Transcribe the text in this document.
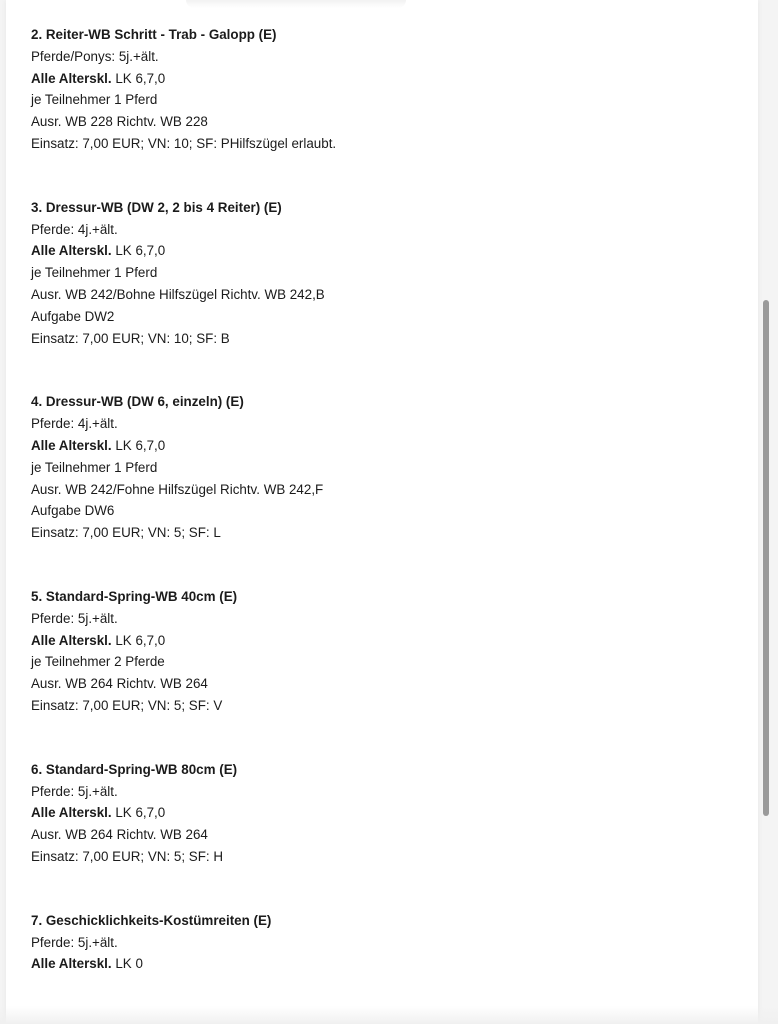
2. Reiter-WB Schritt - Trab - Galopp (E)
Pferde/Ponys: 5j.+ält.
Alle Alterskl. LK 6,7,0
je Teilnehmer 1 Pferd
Ausr. WB 228 Richtv. WB 228
Einsatz: 7,00 EUR; VN: 10; SF: PHilfszügel erlaubt.
3. Dressur-WB (DW 2, 2 bis 4 Reiter) (E)
Pferde: 4j.+ält.
Alle Alterskl. LK 6,7,0
je Teilnehmer 1 Pferd
Ausr. WB 242/Bohne Hilfszügel Richtv. WB 242,B
Aufgabe DW2
Einsatz: 7,00 EUR; VN: 10; SF: B
4. Dressur-WB (DW 6, einzeln) (E)
Pferde: 4j.+ält.
Alle Alterskl. LK 6,7,0
je Teilnehmer 1 Pferd
Ausr. WB 242/Fohne Hilfszügel Richtv. WB 242,F
Aufgabe DW6
Einsatz: 7,00 EUR; VN: 5; SF: L
5. Standard-Spring-WB 40cm (E)
Pferde: 5j.+ält.
Alle Alterskl. LK 6,7,0
je Teilnehmer 2 Pferde
Ausr. WB 264 Richtv. WB 264
Einsatz: 7,00 EUR; VN: 5; SF: V
6. Standard-Spring-WB 80cm (E)
Pferde: 5j.+ält.
Alle Alterskl. LK 6,7,0
Ausr. WB 264 Richtv. WB 264
Einsatz: 7,00 EUR; VN: 5; SF: H
7. Geschicklichkeits-Kostümreiten (E)
Pferde: 5j.+ält.
Alle Alterskl. LK 0
